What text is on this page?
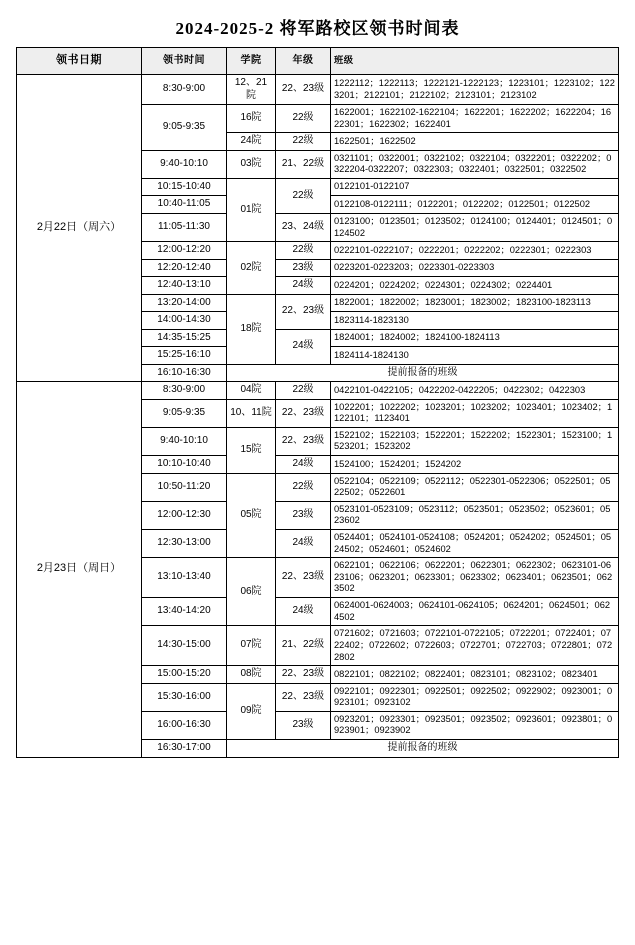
2024-2025-2 将军路校区领书时间表
领书日期	领书时间	学院	年级	班级
2月22日（周六）	8:30-9:00	12、21院	22、23级	1222112；1222113；1222121-1222123；1223101；1223102；1223201；2122101；2122102；2123101；2123102
	9:05-9:35	16院	22级	1622001；1622102-1622104；1622201；1622202；1622204；1622301；1622302；1622401
		24院	22级	1622501；1622502
	9:40-10:10	03院	21、22级	0321101；0322001；0322102；0322104；0322201；0322202；0322204-0322207；0322303；0322401；0322501；0322502
	10:15-10:40	01院	22级	0122101-0122107
	10:40-11:05			0122108-0122111；0122201；0122202；0122501；0122502
	11:05-11:30		23、24级	0123100；0123501；0123502；0124100；0124401；0124501；0124502
	12:00-12:20	02院	22级	0222101-0222107；0222201；0222202；0222301；0222303
	12:20-12:40		23级	0223201-0223203；0223301-0223303
	12:40-13:10		24级	0224201；0224202；0224301；0224302；0224401
	13:20-14:00	18院	22、23级	1822001；1822002；1823001；1823002；1823100-1823113
	14:00-14:30			1823114-1823130
	14:35-15:25		24级	1824001；1824002；1824100-1824113
	15:25-16:10			1824114-1824130
	16:10-16:30	提前报备的班级		
2月23日（周日）	8:30-9:00	04院	22级	0422101-0422105；0422202-0422205；0422302；0422303
	9:05-9:35	10、11院	22、23级	1022201；1022202；1023201；1023202；1023401；1023402；1122101；1123401
	9:40-10:10	15院	22、23级	1522102；1522103；1522201；1522202；1522301；1523100；1523201；1523202
	10:10-10:40		24级	1524100；1524201；1524202
	10:50-11:20	05院	22级	0522104；0522109；0522112；0522301-0522306；0522501；0522502；0522601
	12:00-12:30		23级	0523101-0523109；0523112；0523501；0523502；0523601；0523602
	12:30-13:00		24级	0524401；0524101-0524108；0524201；0524202；0524501；0524502；0524601；0524602
	13:10-13:40	06院	22、23级	0622101；0622106；0622201；0622301；0622302；0623101-0623106；0623201；0623301；0623302；0623401；0623501；0623502
	13:40-14:20		24级	0624001-0624003；0624101-0624105；0624201；0624501；0624502
	14:30-15:00	07院	21、22级	0721602；0721603；0722101-0722105；0722201；0722401；0722402；0722602；0722603；0722701；0722703；0722801；0722802
	15:00-15:20	08院	22、23级	0822101；0822102；0822401；0823101；0823102；0823401
	15:30-16:00	09院	22、23级	0922101；0922301；0922501；0922502；0922902；0923001；0923101；0923102
	16:00-16:30		23级	0923201；0923301；0923501；0923502；0923601；0923801；0923901；0923902
	16:30-17:00	提前报备的班级		
